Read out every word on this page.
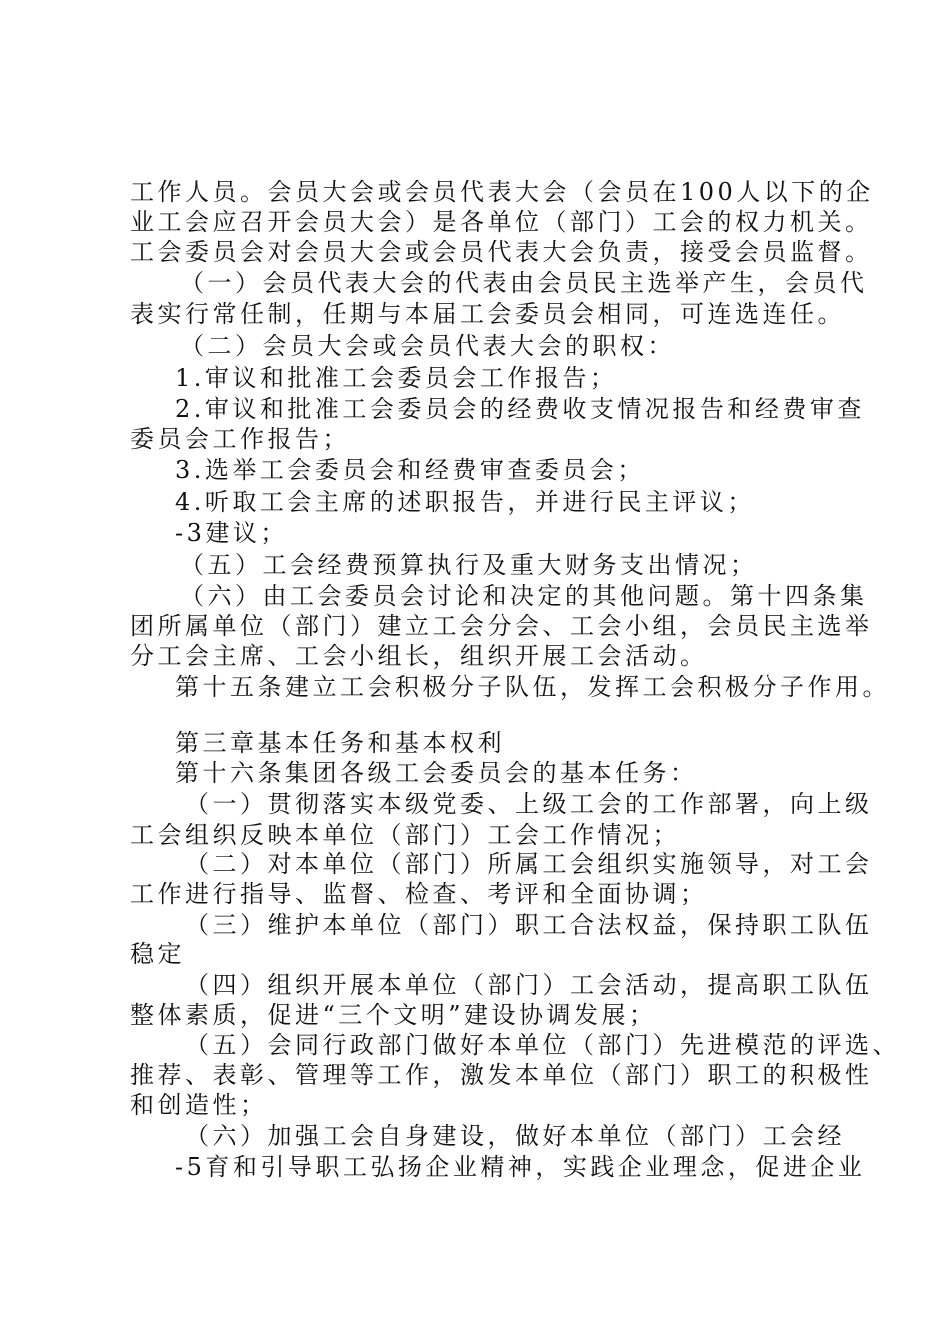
工作人员。会员大会或会员代表大会（会员在100人以下的企
业工会应召开会员大会）是各单位（部门）工会的权力机关。
工会委员会对会员大会或会员代表大会负责，接受会员监督。
（一）会员代表大会的代表由会员民主选举产生，会员代
表实行常任制，任期与本届工会委员会相同，可连选连任。
（二）会员大会或会员代表大会的职权：
1.审议和批准工会委员会工作报告；
2.审议和批准工会委员会的经费收支情况报告和经费审查
委员会工作报告；
3.选举工会委员会和经费审查委员会；
4.听取工会主席的述职报告，并进行民主评议；
-3建议；
（五）工会经费预算执行及重大财务支出情况；
（六）由工会委员会讨论和决定的其他问题。第十四条集
团所属单位（部门）建立工会分会、工会小组，会员民主选举
分工会主席、工会小组长，组织开展工会活动。
第十五条建立工会积极分子队伍，发挥工会积极分子作用。
第三章基本任务和基本权利
第十六条集团各级工会委员会的基本任务：
（一）贯彻落实本级党委、上级工会的工作部署，向上级
工会组织反映本单位（部门）工会工作情况；
（二）对本单位（部门）所属工会组织实施领导，对工会
工作进行指导、监督、检查、考评和全面协调；
（三）维护本单位（部门）职工合法权益，保持职工队伍
稳定
（四）组织开展本单位（部门）工会活动，提高职工队伍
整体素质，促进“三个文明”建设协调发展；
（五）会同行政部门做好本单位（部门）先进模范的评选、
推荐、表彰、管理等工作，激发本单位（部门）职工的积极性
和创造性；
（六）加强工会自身建设，做好本单位（部门）工会经
-5育和引导职工弘扬企业精神，实践企业理念，促进企业
